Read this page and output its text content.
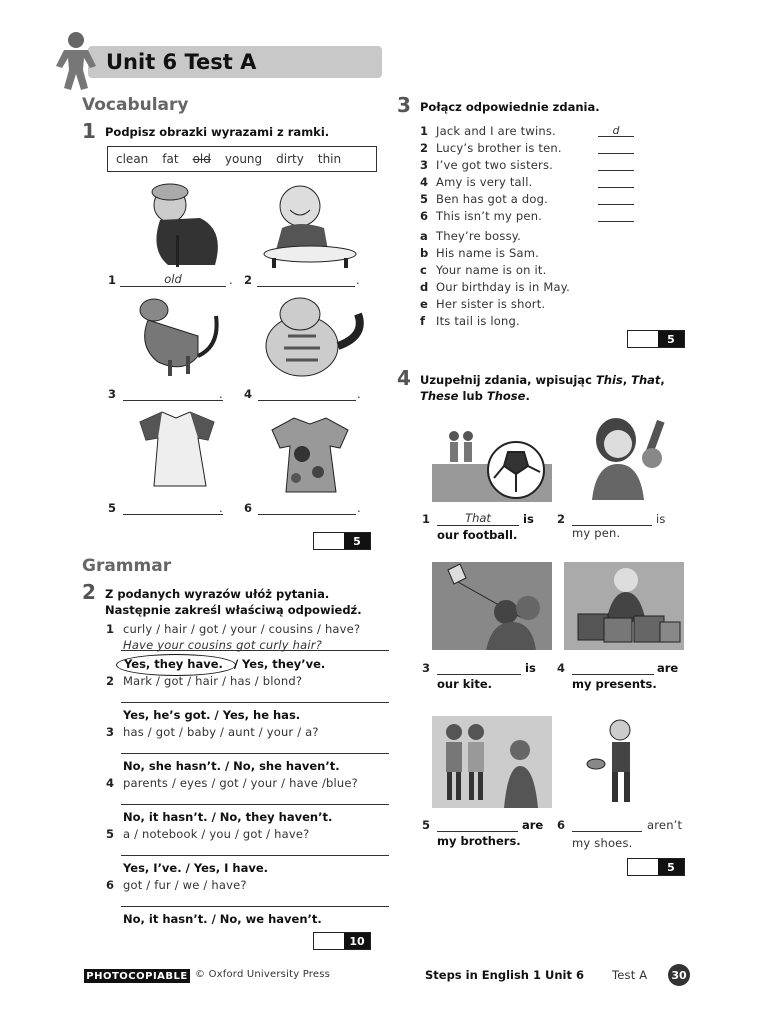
Unit 6 Test A
Vocabulary
1 Podpisz obrazki wyrazami z ramki.
clean fat old young dirty thin
1	old	. 2	.
3	. 4	.
5	. 6	.
5
Grammar
2 Z podanych wyrazów ułóż pytania.
Następnie zakreśl właściwą odpowiedź.
1 curly / hair / got / your / cousins / have?
Have your cousins got curly hair?
Yes, they have. / Yes, they’ve.
2 Mark / got / hair / has / blond?
Yes, he’s got. / Yes, he has.
3 has / got / baby / aunt / your / a?
No, she hasn’t. / No, she haven’t.
4 parents / eyes / got / your / have /blue?
No, it hasn’t. / No, they haven’t.
5 a / notebook / you / got / have?
Yes, I’ve. / Yes, I have.
6 got / fur / we / have?
No, it hasn’t. / No, we haven’t.
10
3 Połącz odpowiednie zdania.
1 Jack and I are twins.	d
2 Lucy’s brother is ten.
3 I’ve got two sisters.
4 Amy is very tall.
5 Ben has got a dog.
6 This isn’t my pen.
a They’re bossy.
b His name is Sam.
c Your name is on it.
d Our birthday is in May.
e Her sister is short.
f Its tail is long.
5
4 Uzupełnij zdania, wpisując This, That,
These lub Those.
1	That	is
our football.
2	is
my pen.
3	is
our kite.
4	are
my presents.
5	are
my brothers.
6	aren’t
my shoes.
5
PHOTOCOPIABLE © Oxford University Press	Steps in English 1 Unit 6 Test A	30
